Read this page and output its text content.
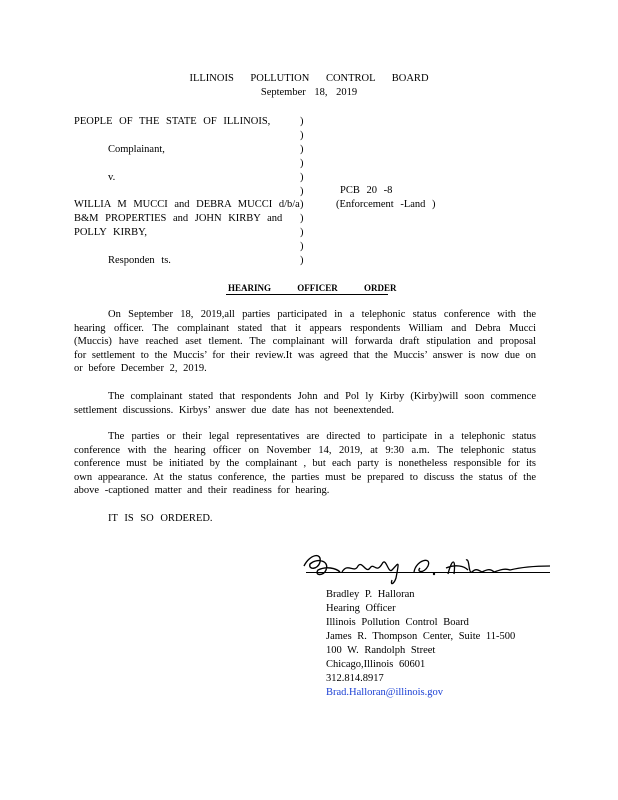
ILLINOIS POLLUTION CONTROL BOARD
September 18, 2019
PEOPLE OF THE STATE OF ILLINOIS,
Complainant,
v.
WILLIA M MUCCI and DEBRA MUCCI d/b/a
B&M PROPERTIES and JOHN KIRBY and
POLLY KIRBY,
Responden ts.
)
)
)
)
)
)
)
)
)
)
)
PCB 20 -8
(Enforcement -Land )
HEARING OFFICER ORDER
On September 18, 2019,all parties participated in a telephonic status conference with the hearing officer. The complainant stated that it appears respondents William and Debra Mucci (Muccis) have reached aset tlement. The complainant will forwarda draft stipulation and proposal for settlement to the Muccis’ for their review.It was agreed that the Muccis’ answer is now due on or before December 2, 2019.
The complainant stated that respondents John and Pol ly Kirby (Kirby)will soon commence settlement discussions. Kirbys’ answer due date has not beenextended.
The parties or their legal representatives are directed to participate in a telephonic status conference with the hearing officer on November 14, 2019, at 9:30 a.m. The telephonic status conference must be initiated by the complainant , but each party is nonetheless responsible for its own appearance. At the status conference, the parties must be prepared to discuss the status of the above -captioned matter and their readiness for hearing.
IT IS SO ORDERED.
Bradley P. Halloran
Hearing Officer
Illinois Pollution Control Board
James R. Thompson Center, Suite 11-500
100 W. Randolph Street
Chicago,Illinois 60601
312.814.8917
Brad.Halloran@illinois.gov
